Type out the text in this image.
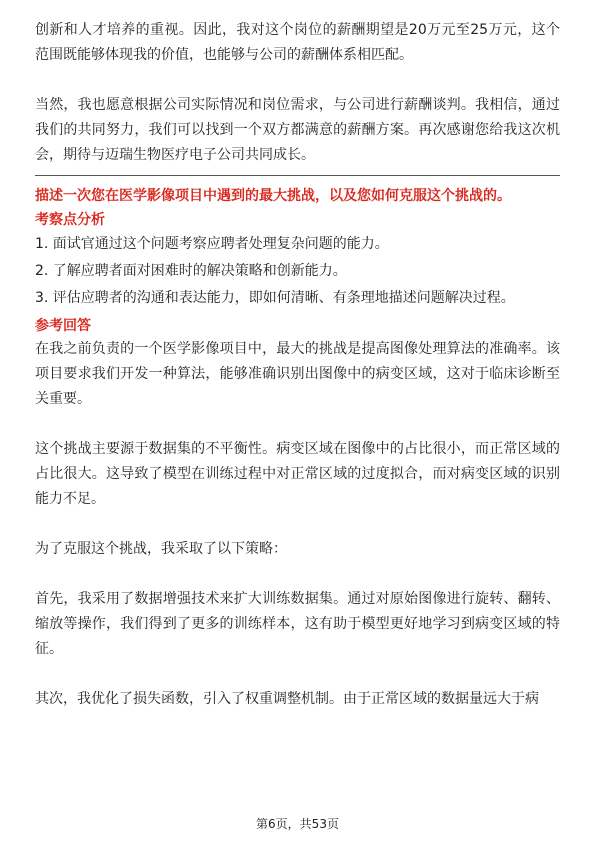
创新和人才培养的重视。因此，我对这个岗位的薪酬期望是20万元至25万元，这个范围既能够体现我的价值，也能够与公司的薪酬体系相匹配。

当然，我也愿意根据公司实际情况和岗位需求，与公司进行薪酬谈判。我相信，通过我们的共同努力，我们可以找到一个双方都满意的薪酬方案。再次感谢您给我这次机会，期待与迈瑞生物医疗电子公司共同成长。

描述一次您在医学影像项目中遇到的最大挑战，以及您如何克服这个挑战的。

考察点分析

1. 面试官通过这个问题考察应聘者处理复杂问题的能力。

2. 了解应聘者面对困难时的解决策略和创新能力。

3. 评估应聘者的沟通和表达能力，即如何清晰、有条理地描述问题解决过程。

参考回答

在我之前负责的一个医学影像项目中，最大的挑战是提高图像处理算法的准确率。该项目要求我们开发一种算法，能够准确识别出图像中的病变区域，这对于临床诊断至关重要。

这个挑战主要源于数据集的不平衡性。病变区域在图像中的占比很小，而正常区域的占比很大。这导致了模型在训练过程中对正常区域的过度拟合，而对病变区域的识别能力不足。

为了克服这个挑战，我采取了以下策略：

首先，我采用了数据增强技术来扩大训练数据集。通过对原始图像进行旋转、翻转、缩放等操作，我们得到了更多的训练样本，这有助于模型更好地学习到病变区域的特征。

其次，我优化了损失函数，引入了权重调整机制。由于正常区域的数据量远大于病

第6页，共53页
